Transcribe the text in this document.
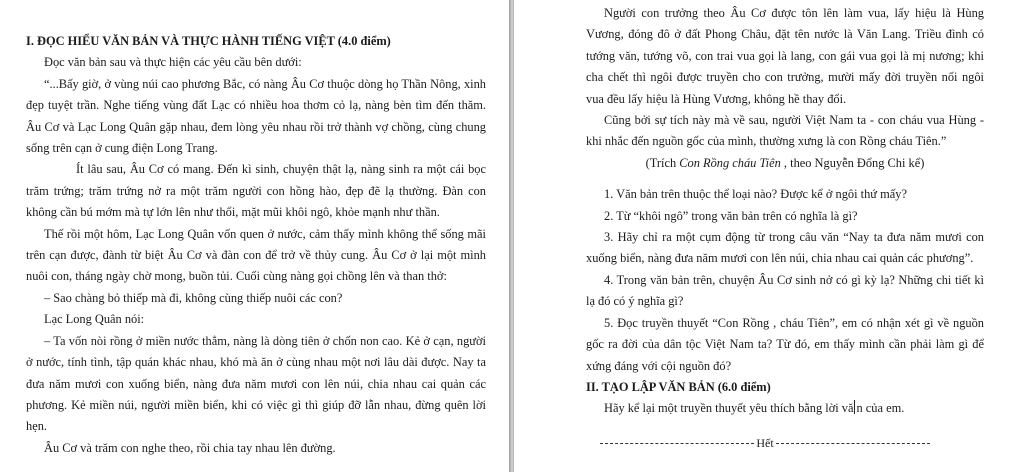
I. ĐỌC HIỂU VĂN BẢN VÀ THỰC HÀNH TIẾNG VIỆT (4.0 điểm)

Đọc văn bản sau và thực hiện các yêu cầu bên dưới:

“...Bấy giờ, ở vùng núi cao phương Bắc, có nàng Âu Cơ thuộc dòng họ Thần Nông, xinh đẹp tuyệt trần. Nghe tiếng vùng đất Lạc có nhiều hoa thơm cỏ lạ, nàng bèn tìm đến thăm. Âu Cơ và Lạc Long Quân gặp nhau, đem lòng yêu nhau rồi trở thành vợ chồng, cùng chung sống trên cạn ở cung điện Long Trang.

Ít lâu sau, Âu Cơ có mang. Đến kì sinh, chuyện thật lạ, nàng sinh ra một cái bọc trăm trứng; trăm trứng nở ra một trăm người con hồng hào, đẹp đẽ lạ thường. Đàn con không cần bú mớm mà tự lớn lên như thổi, mặt mũi khôi ngô, khỏe mạnh như thần.

Thế rồi một hôm, Lạc Long Quân vốn quen ở nước, cảm thấy mình không thể sống mãi trên cạn được, đành từ biệt Âu Cơ và đàn con để trở về thủy cung. Âu Cơ ở lại một mình nuôi con, tháng ngày chờ mong, buồn tủi. Cuối cùng nàng gọi chồng lên và than thở:

– Sao chàng bỏ thiếp mà đi, không cùng thiếp nuôi các con?

Lạc Long Quân nói:

– Ta vốn nòi rồng ở miền nước thẳm, nàng là dòng tiên ở chốn non cao. Kẻ ở cạn, người ở nước, tính tình, tập quán khác nhau, khó mà ăn ở cùng nhau một nơi lâu dài được. Nay ta đưa năm mươi con xuống biển, nàng đưa năm mươi con lên núi, chia nhau cai quản các phương. Kẻ miền núi, người miền biển, khi có việc gì thì giúp đỡ lẫn nhau, đừng quên lời hẹn.

Âu Cơ và trăm con nghe theo, rồi chia tay nhau lên đường.

Người con trưởng theo Âu Cơ được tôn lên làm vua, lấy hiệu là Hùng Vương, đóng đô ở đất Phong Châu, đặt tên nước là Văn Lang. Triều đình có tướng văn, tướng võ, con trai vua gọi là lang, con gái vua gọi là mị nương; khi cha chết thì ngôi được truyền cho con trưởng, mười mấy đời truyền nối ngôi vua đều lấy hiệu là Hùng Vương, không hề thay đổi.

Cũng bởi sự tích này mà về sau, người Việt Nam ta - con cháu vua Hùng - khi nhắc đến nguồn gốc của mình, thường xưng là con Rồng cháu Tiên.”

(Trích Con Rồng cháu Tiên , theo Nguyễn Đổng Chi kể)

1. Văn bản trên thuộc thể loại nào? Được kể ở ngôi thứ mấy?

2. Từ “khôi ngô” trong văn bản trên có nghĩa là gì?

3. Hãy chỉ ra một cụm động từ trong câu văn “Nay ta đưa năm mươi con xuống biển, nàng đưa năm mươi con lên núi, chia nhau cai quản các phương”.

4. Trong văn bản trên, chuyện Âu Cơ sinh nở có gì kỳ lạ? Những chi tiết kì lạ đó có ý nghĩa gì?

5. Đọc truyền thuyết “Con Rồng , cháu Tiên”, em có nhận xét gì về nguồn gốc ra đời của dân tộc Việt Nam ta? Từ đó, em thấy mình cần phải làm gì để xứng đáng với cội nguồn đó?

II. TẠO LẬP VĂN BẢN (6.0 điểm)

Hãy kể lại một truyền thuyết yêu thích bằng lời vă n của em.

Hết
